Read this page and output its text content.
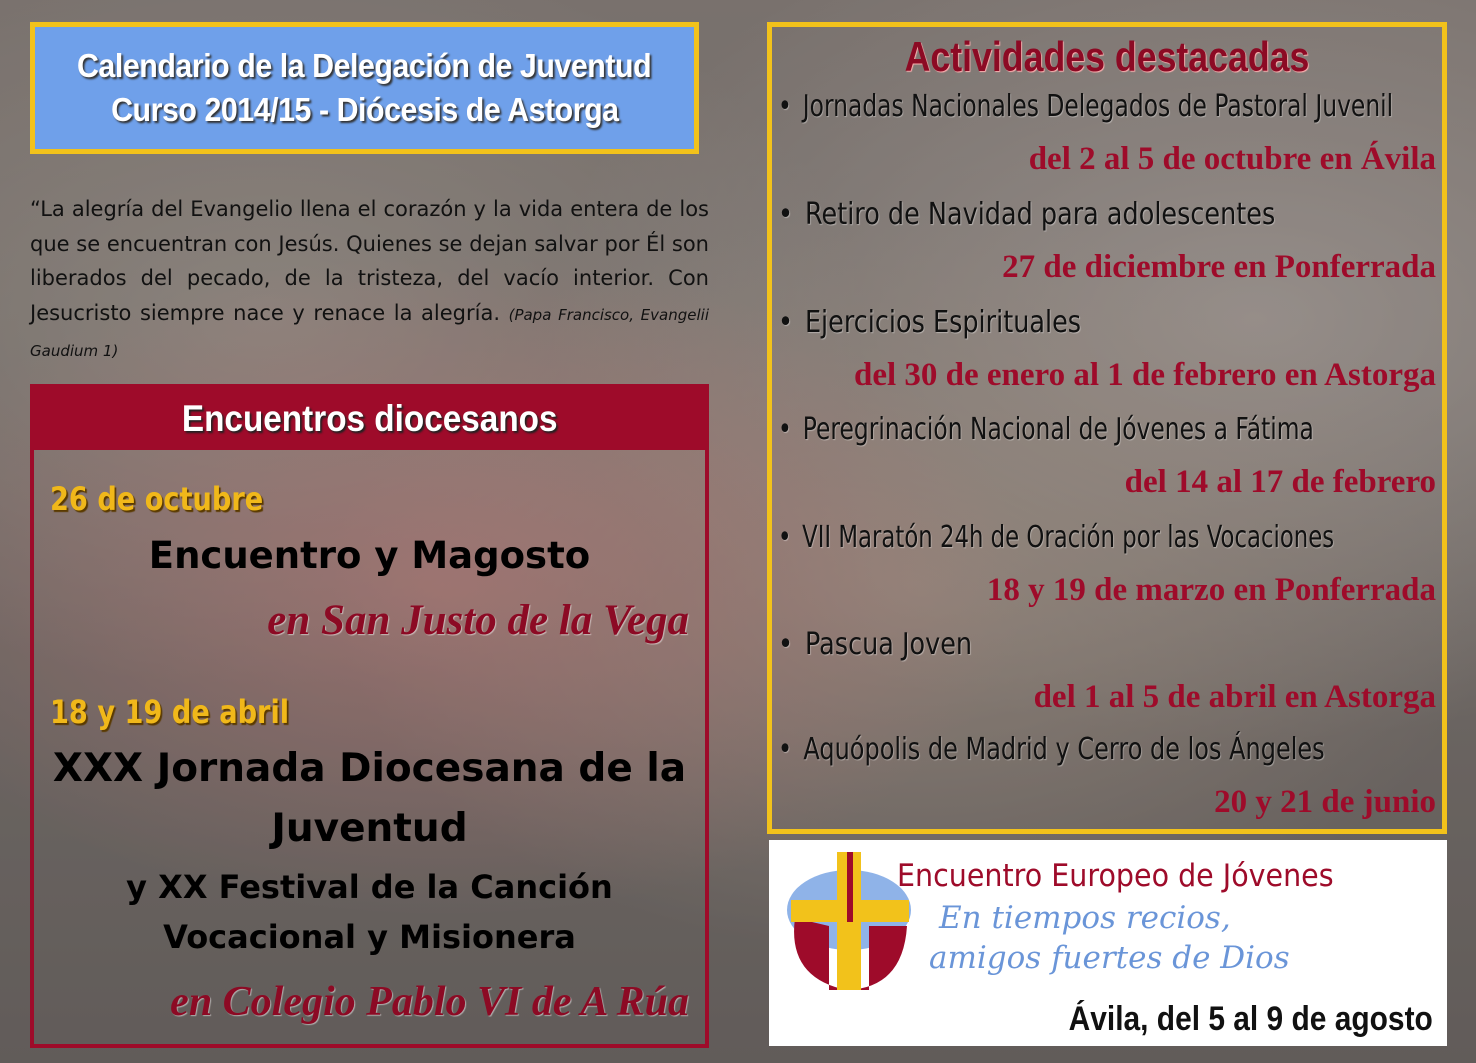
Calendario de la Delegación de Juventud
Curso 2014/15 - Diócesis de Astorga
“La alegría del Evangelio llena el corazón y la vida entera de los que se encuentran con Jesús. Quienes se dejan salvar por Él son liberados del pecado, de la tristeza, del vacío interior. Con Jesucristo siempre nace y renace la alegría. (Papa Francisco, Evangelii Gaudium 1)
Encuentros diocesanos
26 de octubre
Encuentro y Magosto
en San Justo de la Vega
18 y 19 de abril
XXX Jornada Diocesana de la
Juventud
y XX Festival de la Canción
Vocacional y Misionera
en Colegio Pablo VI de A Rúa
Actividades destacadas
• Jornadas Nacionales Delegados de Pastoral Juvenil
del 2 al 5 de octubre en Ávila
• Retiro de Navidad para adolescentes
27 de diciembre en Ponferrada
• Ejercicios Espirituales
del 30 de enero al 1 de febrero en Astorga
• Peregrinación Nacional de Jóvenes a Fátima
del 14 al 17 de febrero
• VII Maratón 24h de Oración por las Vocaciones
18 y 19 de marzo en Ponferrada
• Pascua Joven
del 1 al 5 de abril en Astorga
• Aquópolis de Madrid y Cerro de los Ángeles
20 y 21 de junio
Encuentro Europeo de Jóvenes
En tiempos recios,
amigos fuertes de Dios
Ávila, del 5 al 9 de agosto
